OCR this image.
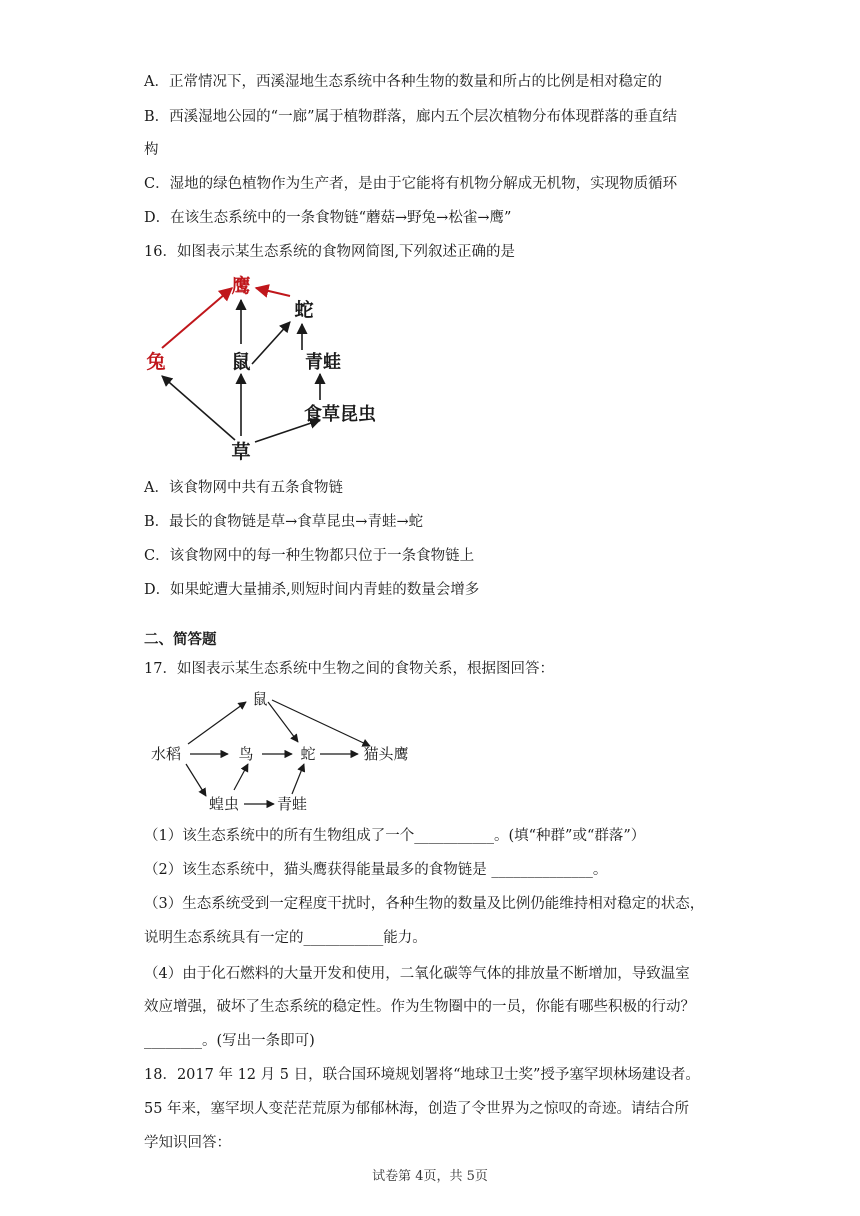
A．正常情况下，西溪湿地生态系统中各种生物的数量和所占的比例是相对稳定的
B．西溪湿地公园的“一廊”属于植物群落，廊内五个层次植物分布体现群落的垂直结
构
C．湿地的绿色植物作为生产者，是由于它能将有机物分解成无机物，实现物质循环
D．在该生态系统中的一条食物链“蘑菇→野兔→松雀→鹰”
16．如图表示某生态系统的食物网简图,下列叙述正确的是
鹰
蛇
兔	鼠	青蛙
食草昆虫
草
A．该食物网中共有五条食物链
B．最长的食物链是草→食草昆虫→青蛙→蛇
C．该食物网中的每一种生物都只位于一条食物链上
D．如果蛇遭大量捕杀,则短时间内青蛙的数量会增多
二、简答题
17．如图表示某生态系统中生物之间的食物关系，根据图回答：
鼠
水稻	鸟	蛇	猫头鹰
蝗虫	青蛙
（1）该生态系统中的所有生物组成了一个___________。(填“种群”或“群落”）
（2）该生态系统中，猫头鹰获得能量最多的食物链是 ______________。
（3）生态系统受到一定程度干扰时，各种生物的数量及比例仍能维持相对稳定的状态，
说明生态系统具有一定的___________能力。
（4）由于化石燃料的大量开发和使用，二氧化碳等气体的排放量不断增加，导致温室
效应增强，破坏了生态系统的稳定性。作为生物圈中的一员，你能有哪些积极的行动？
________。(写出一条即可)
18．2017 年 12 月 5 日，联合国环境规划署将“地球卫士奖”授予塞罕坝林场建设者。
55 年来，塞罕坝人变茫茫荒原为郁郁林海，创造了令世界为之惊叹的奇迹。请结合所
学知识回答：
试卷第 4页，共 5页
